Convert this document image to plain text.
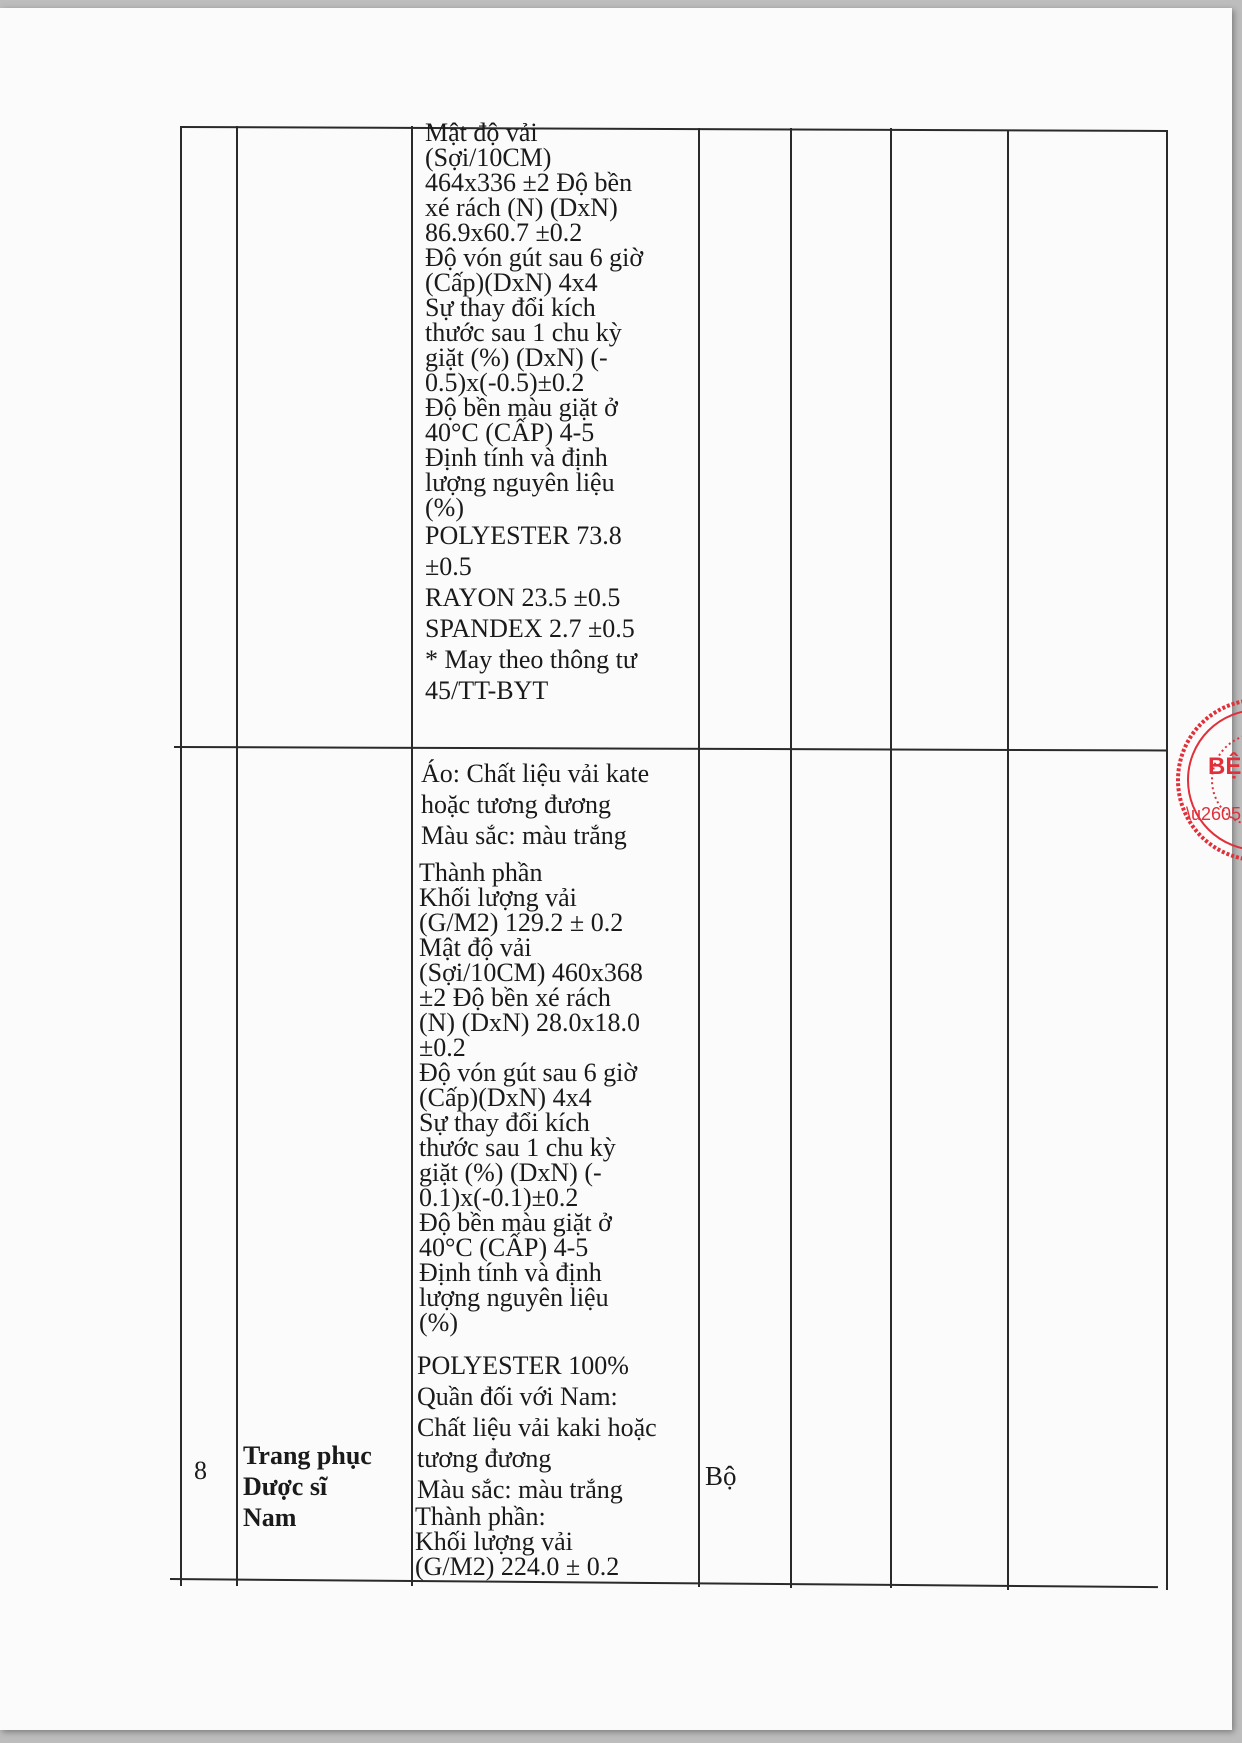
Mật độ vải
(Sợi/10CM)
464x336 ±2 Độ bền
xé rách (N) (DxN)
86.9x60.7 ±0.2
Độ vón gút sau 6 giờ
(Cấp)(DxN) 4x4
Sự thay đổi kích
thước sau 1 chu kỳ
giặt (%) (DxN) (-
0.5)x(-0.5)±0.2
Độ bền màu giặt ở
40°C (CẤP) 4-5
Định tính và định
lượng nguyên liệu
(%)
POLYESTER 73.8
±0.5
RAYON 23.5 ±0.5
SPANDEX 2.7 ±0.5
* May theo thông tư
45/TT-BYT
8
Trang phục
Dược sĩ
Nam
Bộ
Áo: Chất liệu vải kate
hoặc tương đương
Màu sắc: màu trắng
Thành phần
Khối lượng vải
(G/M2) 129.2 ± 0.2
Mật độ vải
(Sợi/10CM) 460x368
±2 Độ bền xé rách
(N) (DxN) 28.0x18.0
±0.2
Độ vón gút sau 6 giờ
(Cấp)(DxN) 4x4
Sự thay đổi kích
thước sau 1 chu kỳ
giặt (%) (DxN) (-
0.1)x(-0.1)±0.2
Độ bền màu giặt ở
40°C (CẤP) 4-5
Định tính và định
lượng nguyên liệu
(%)
POLYESTER 100%
Quần đối với Nam:
Chất liệu vải kaki hoặc
tương đương
Màu sắc: màu trắng
Thành phần:
Khối lượng vải
(G/M2) 224.0 ± 0.2
BỆ
\u2605
